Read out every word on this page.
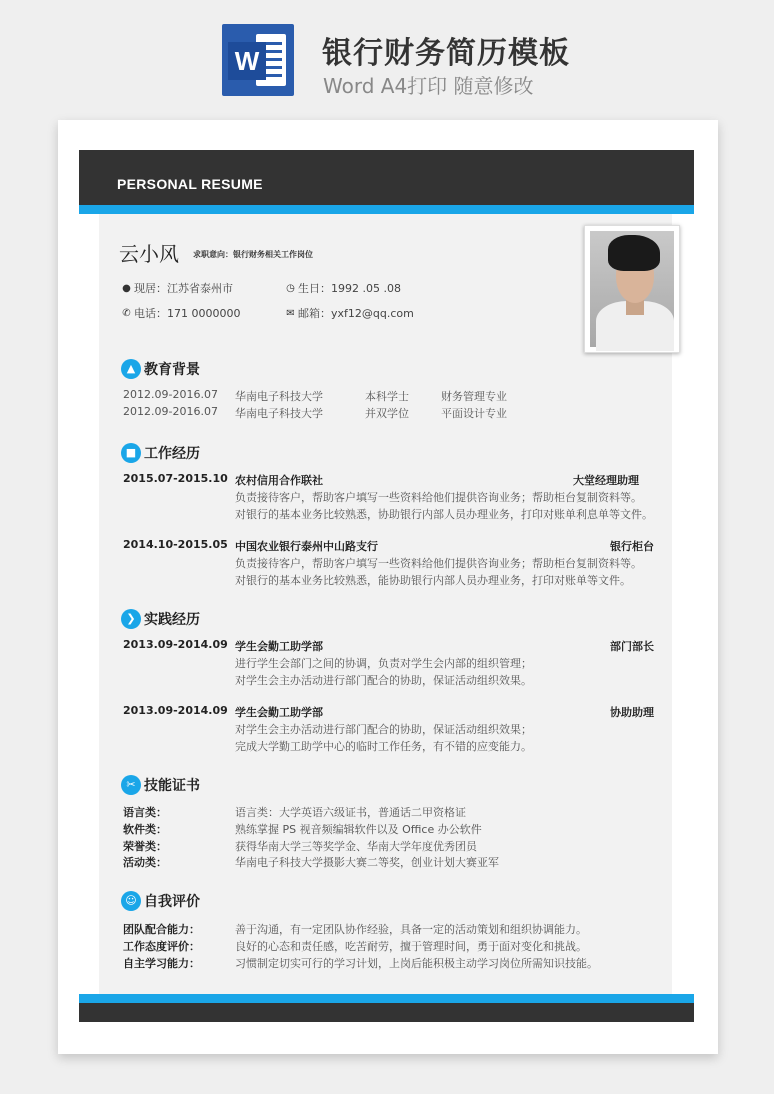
W 银行财务简历模板
Word A4打印 随意修改
PERSONAL RESUME
云小风 求职意向：银行财务相关工作岗位
● 现居：江苏省泰州市	◷ 生日：1992 .05 .08
✆ 电话：171 0000000	✉ 邮箱：yxf12@qq.com
▲ 教育背景
2012.09-2016.07 华南电子科技大学	本科学士	财务管理专业
2012.09-2016.07 华南电子科技大学	并双学位	平面设计专业
■ 工作经历
2015.07-2015.10 农村信用合作联社	大堂经理助理
负责接待客户，帮助客户填写一些资料给他们提供咨询业务；帮助柜台复制资料等。
对银行的基本业务比较熟悉，协助银行内部人员办理业务，打印对账单利息单等文件。
2014.10-2015.05 中国农业银行泰州中山路支行	银行柜台
负责接待客户，帮助客户填写一些资料给他们提供咨询业务；帮助柜台复制资料等。
对银行的基本业务比较熟悉，能协助银行内部人员办理业务，打印对账单等文件。
❯ 实践经历
2013.09-2014.09 学生会勤工助学部	部门部长
进行学生会部门之间的协调，负责对学生会内部的组织管理；
对学生会主办活动进行部门配合的协助，保证活动组织效果。
2013.09-2014.09 学生会勤工助学部	协助助理
对学生会主办活动进行部门配合的协助，保证活动组织效果；
完成大学勤工助学中心的临时工作任务，有不错的应变能力。
✂ 技能证书
语言类：	语言类：大学英语六级证书，普通话二甲资格证
软件类：	熟练掌握 PS 视音频编辑软件以及 Office 办公软件
荣誉类：	获得华南大学三等奖学金、华南大学年度优秀团员
活动类：	华南电子科技大学摄影大赛二等奖，创业计划大赛亚军
☺ 自我评价
团队配合能力：	善于沟通，有一定团队协作经验，具备一定的活动策划和组织协调能力。
工作态度评价：	良好的心态和责任感，吃苦耐劳，擅于管理时间，勇于面对变化和挑战。
自主学习能力：	习惯制定切实可行的学习计划，上岗后能积极主动学习岗位所需知识技能。
